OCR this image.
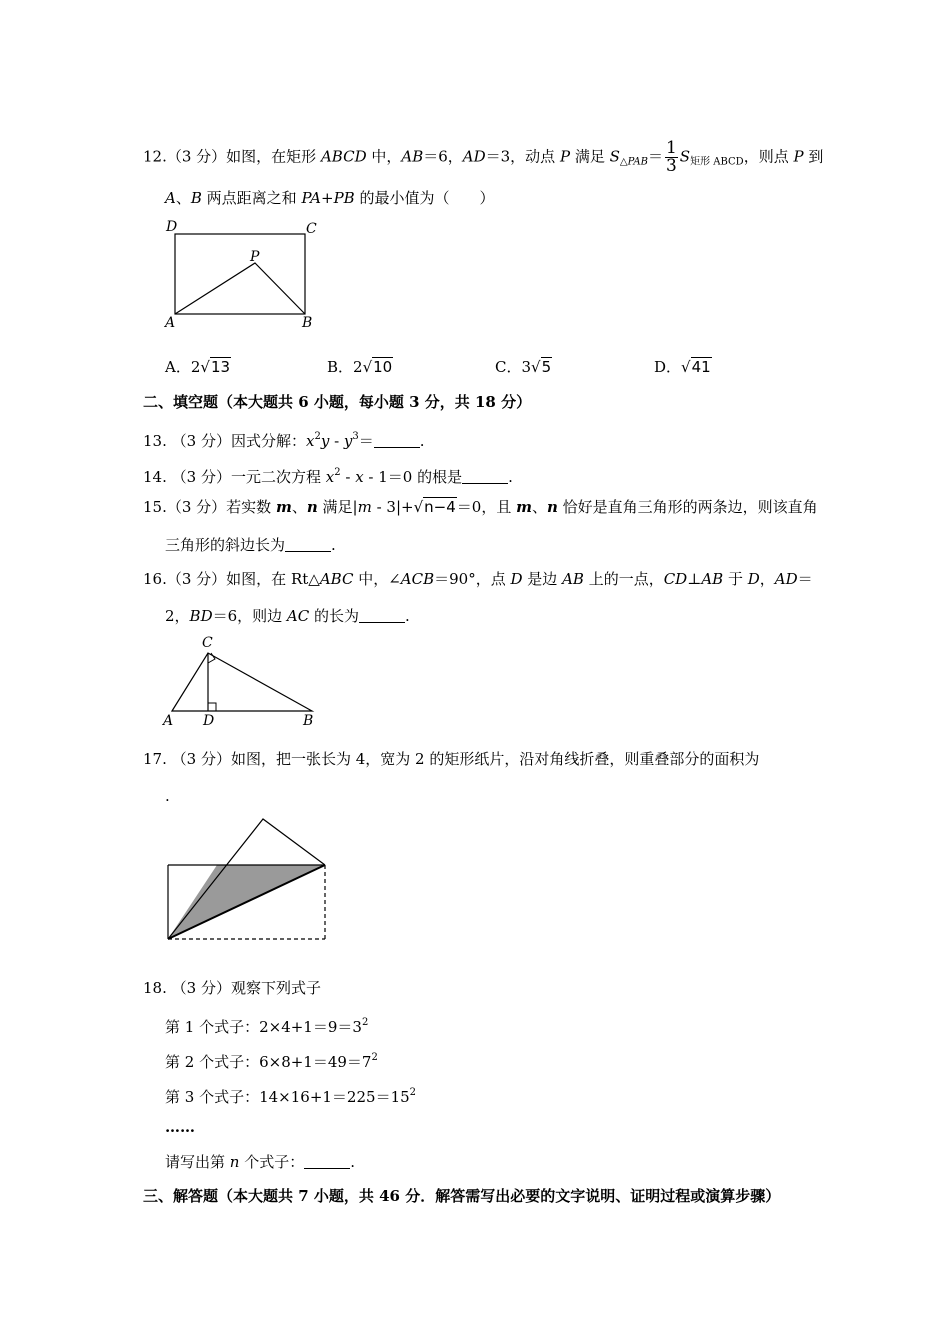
12.（3 分）如图，在矩形 ABCD 中，AB＝6，AD＝3，动点 P 满足 $S_{\triangle PAB}= \frac{1}{3} S_{矩形 ABCD}$，则点 P 到
A、B 两点距离之和 PA+PB 的最小值为（　　）
D	C
P
A	B
A．2√13	B．2√10	C．3√5	D．√41
二、填空题（本大题共 6 小题，每小题 3 分，共 18 分）
13. （3 分）因式分解：$x^2y - y^3=$	.
14. （3 分）一元二次方程 $x^2 - x - 1=0$ 的根是	.
15.（3 分）若实数 m、n 满足|m - 3|+√n−4＝0，且 m、n 恰好是直角三角形的两条边，则该直角
三角形的斜边长为	.
16.（3 分）如图，在 Rt△ABC 中，∠ACB＝90°，点 D 是边 AB 上的一点，CD⊥AB 于 D，AD＝
2，BD＝6，则边 AC 的长为	.
C
A D	B
17. （3 分）如图，把一张长为 4，宽为 2 的矩形纸片，沿对角线折叠，则重叠部分的面积为
.
18. （3 分）观察下列式子
第 1 个式子：$2\times 4+1=9=3^2$
第 2 个式子：$6\times 8+1=49=7^2$
第 3 个式子：$14\times 16+1=225=15^2$
……
请写出第 n 个式子：	.
三、解答题（本大题共 7 小题，共 46 分．解答需写出必要的文字说明、证明过程或演算步骤）
